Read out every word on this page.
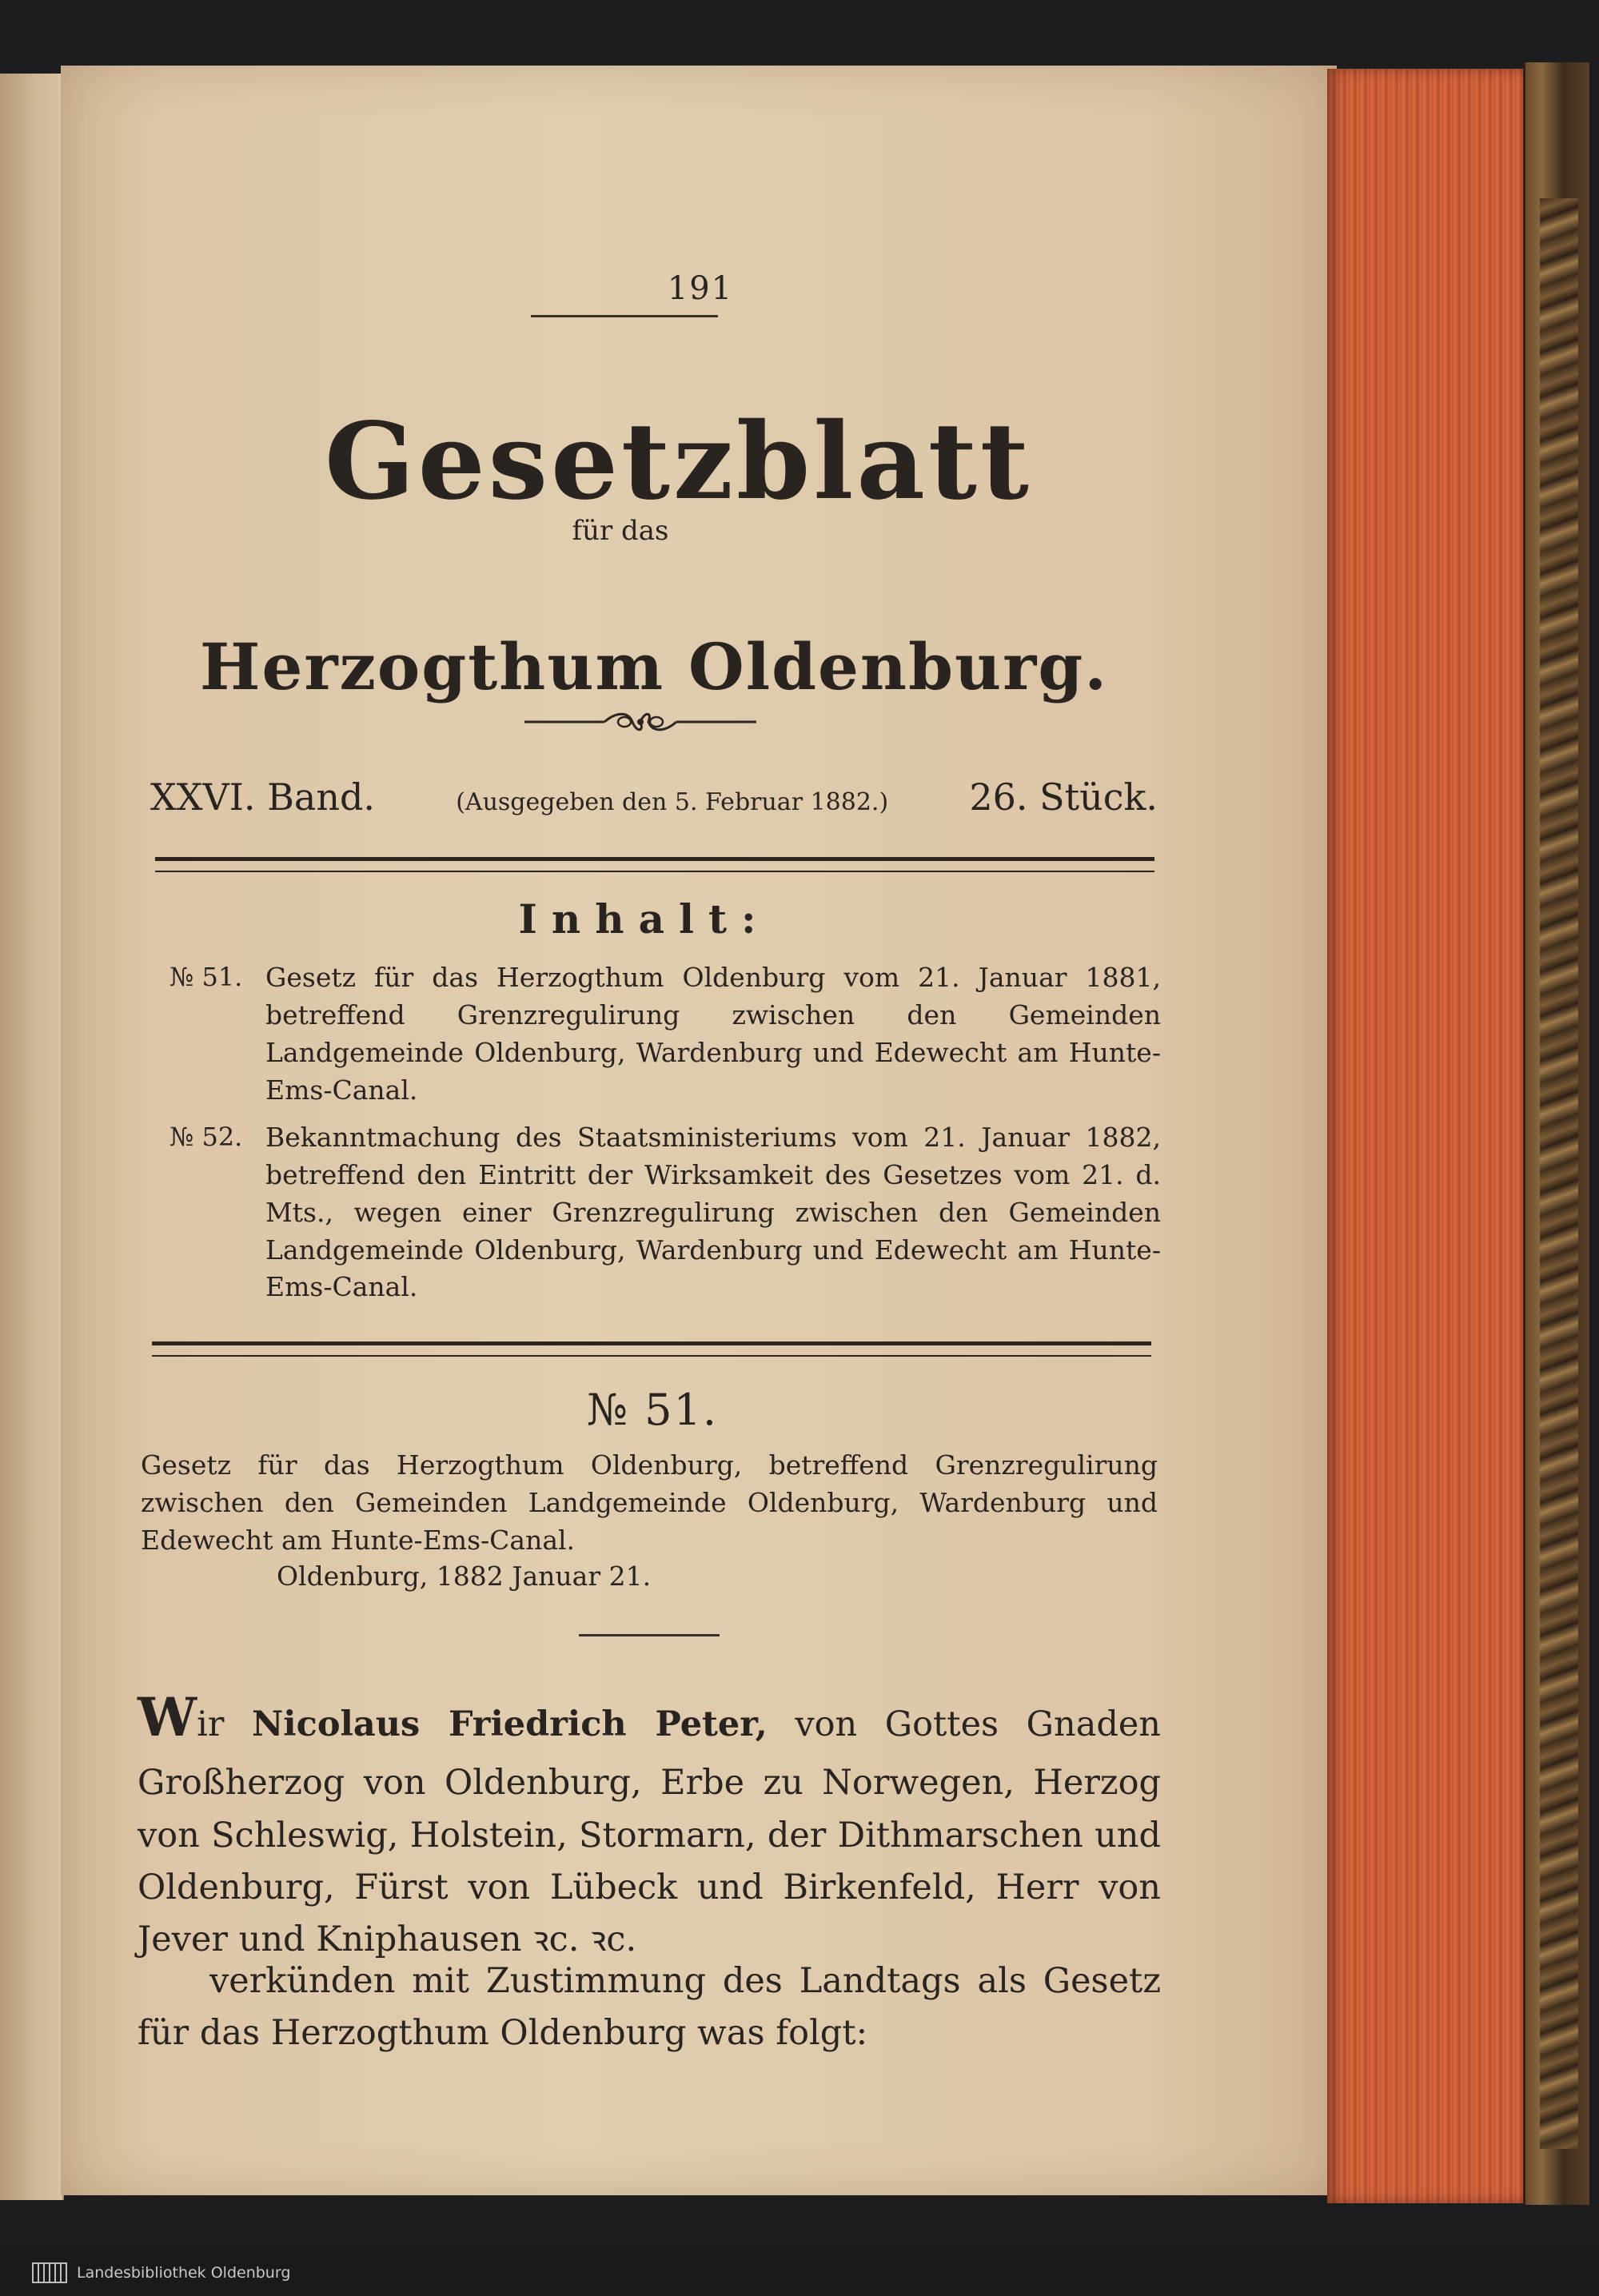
191
Gesetzblatt
für das
Herzogthum Oldenburg.
XXVI. Band.	(Ausgegeben den 5. Februar 1882.) 26. Stück.
Inhalt:
№ 51. Gesetz für das Herzogthum Oldenburg vom 21. Januar 1881, betreffend Grenzregulirung zwischen den Gemeinden Landgemeinde Oldenburg, Wardenburg und Edewecht am Hunte-Ems-Canal.
№ 52. Bekanntmachung des Staatsministeriums vom 21. Januar 1882, betreffend den Eintritt der Wirksamkeit des Gesetzes vom 21. d. Mts., wegen einer Grenzregulirung zwischen den Gemeinden Landgemeinde Oldenburg, Wardenburg und Edewecht am Hunte-Ems-Canal.
№ 51.
Gesetz für das Herzogthum Oldenburg, betreffend Grenzregulirung zwischen den Gemeinden Landgemeinde Oldenburg, Wardenburg und Edewecht am Hunte-Ems-Canal.
Oldenburg, 1882 Januar 21.
Wir Nicolaus Friedrich Peter, von Gottes Gnaden Großherzog von Oldenburg, Erbe zu Norwegen, Herzog von Schleswig, Holstein, Stormarn, der Dithmarschen und Oldenburg, Fürst von Lübeck und Birkenfeld, Herr von Jever und Kniphausen ꝛc. ꝛc.
verkünden mit Zustimmung des Landtags als Gesetz für das Herzogthum Oldenburg was folgt:
Landesbibliothek Oldenburg
